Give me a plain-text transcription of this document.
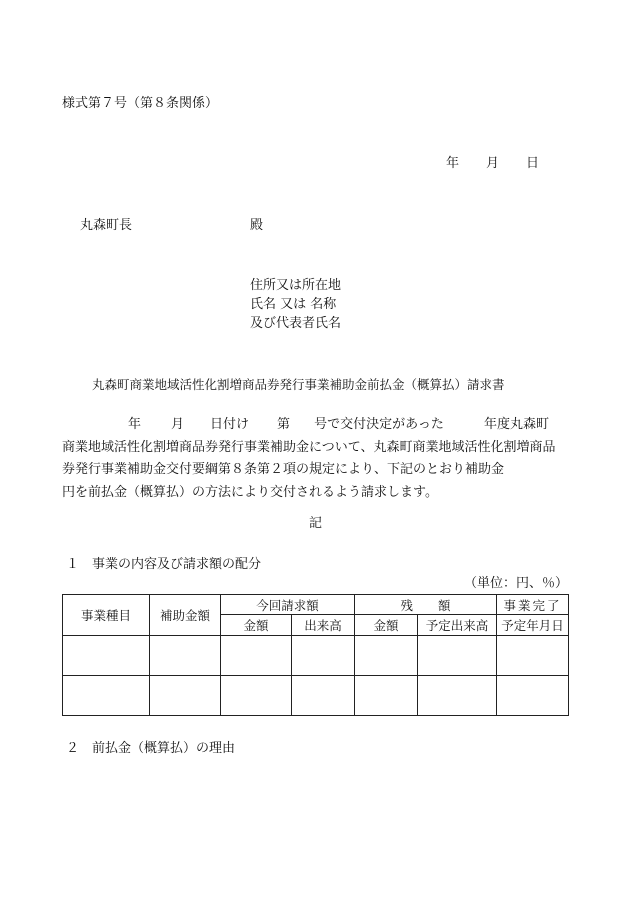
様式第７号（第８条関係）
年 月 日
丸森町長	殿
住所又は所在地
氏名 又は 名称
及び代表者氏名
丸森町商業地域活性化割増商品券発行事業補助金前払金（概算払）請求書
年 月 日付け 第 号で交付決定があった	年度丸森町
商業地域活性化割増商品券発行事業補助金について、丸森町商業地域活性化割増商品
券発行事業補助金交付要綱第８条第２項の規定により、下記のとおり補助金
円を前払金（概算払）の方法により交付されるよう請求します。
記
１　事業の内容及び請求額の配分
（単位：円、％）
事業種目	補助金額	今回請求額		残　　額		事業完了
		金額	出来高	金額	予定出来高	予定年月日

２　前払金（概算払）の理由
